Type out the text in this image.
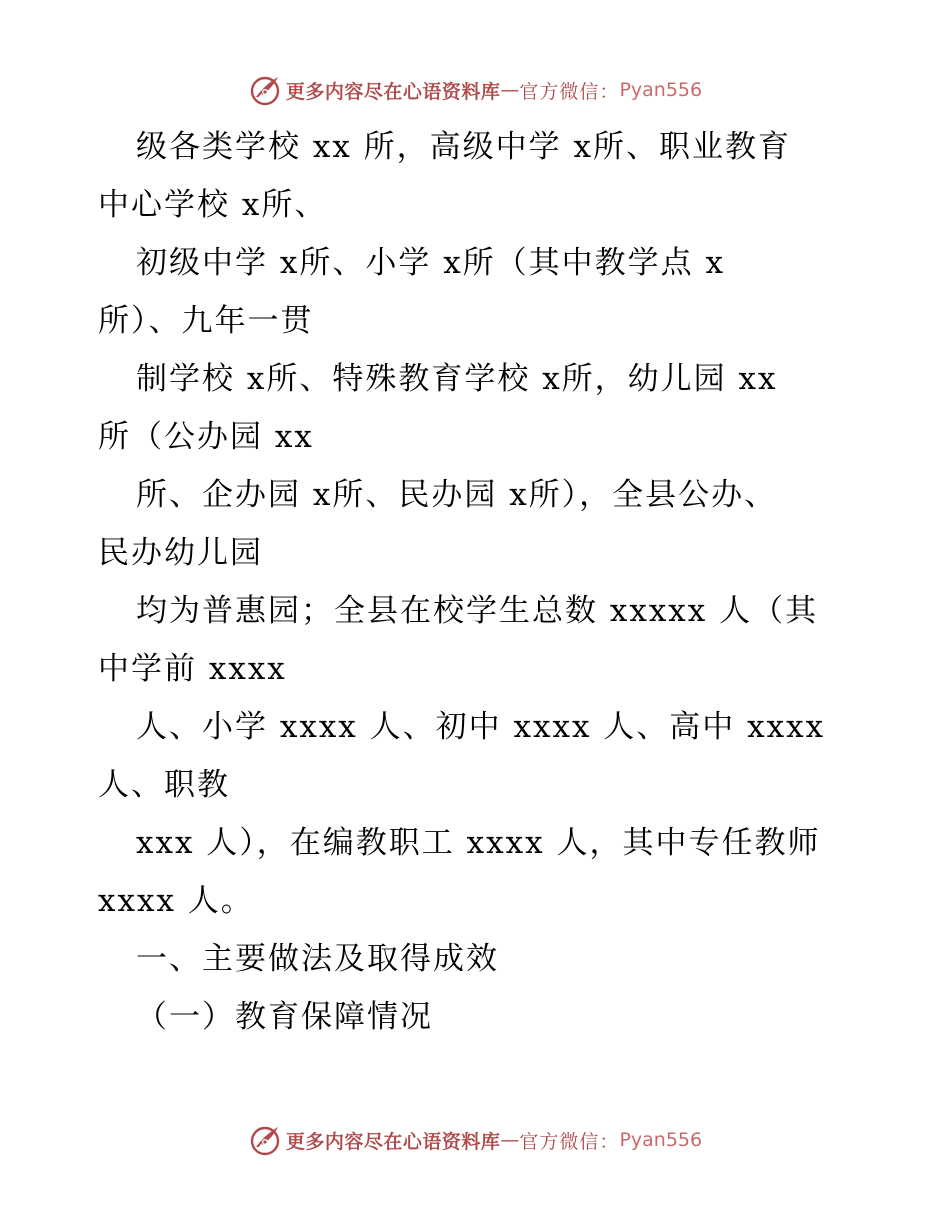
更多内容尽在心语资料库 — 官方微信： Pyan556
级各类学校 xx 所，高级中学 x所、职业教育
中心学校 x所、
初级中学 x所、小学 x所（其中教学点 x
所）、九年一贯
制学校 x所、特殊教育学校 x所，幼儿园 xx
所（公办园 xx
所、企办园 x所、民办园 x所），全县公办、
民办幼儿园
均为普惠园；全县在校学生总数 xxxxx 人（其
中学前 xxxx
人、小学 xxxx 人、初中 xxxx 人、高中 xxxx
人、职教
xxx 人），在编教职工 xxxx 人，其中专任教师
xxxx 人。
一、主要做法及取得成效
（一）教育保障情况
更多内容尽在心语资料库 — 官方微信： Pyan556
